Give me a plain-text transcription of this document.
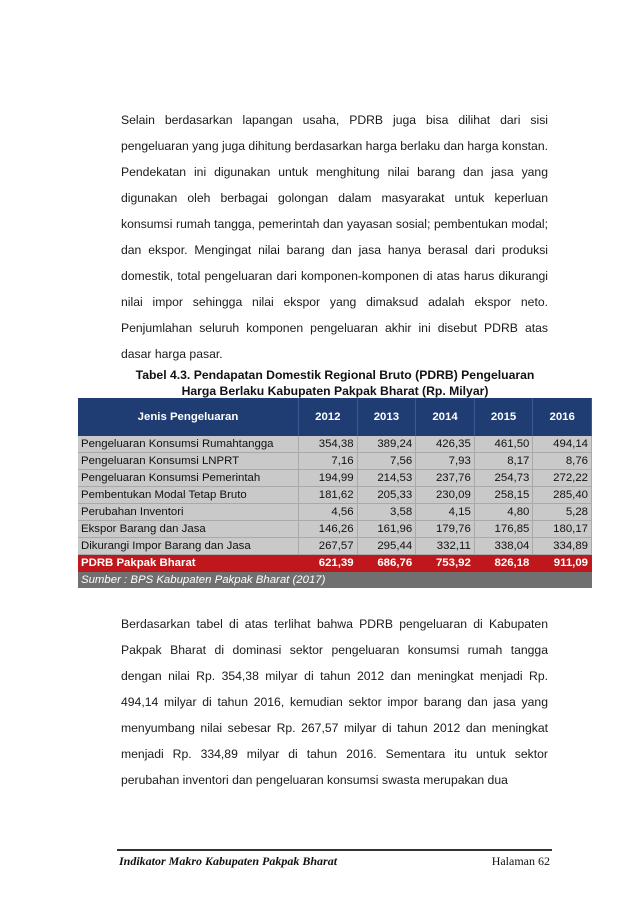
Selain berdasarkan lapangan usaha, PDRB juga bisa dilihat dari sisi pengeluaran yang juga dihitung berdasarkan harga berlaku dan harga konstan. Pendekatan ini digunakan untuk menghitung nilai barang dan jasa yang digunakan oleh berbagai golongan dalam masyarakat untuk keperluan konsumsi rumah tangga, pemerintah dan yayasan sosial; pembentukan modal; dan ekspor. Mengingat nilai barang dan jasa hanya berasal dari produksi domestik, total pengeluaran dari komponen-komponen di atas harus dikurangi nilai impor sehingga nilai ekspor yang dimaksud adalah ekspor neto. Penjumlahan seluruh komponen pengeluaran akhir ini disebut PDRB atas dasar harga pasar.
Tabel 4.3. Pendapatan Domestik Regional Bruto (PDRB) Pengeluaran
Harga Berlaku Kabupaten Pakpak Bharat (Rp. Milyar)
Jenis Pengeluaran	2012	2013	2014	2015	2016
Pengeluaran Konsumsi Rumahtangga	354,38	389,24	426,35	461,50	494,14
Pengeluaran Konsumsi LNPRT	7,16	7,56	7,93	8,17	8,76
Pengeluaran Konsumsi Pemerintah	194,99	214,53	237,76	254,73	272,22
Pembentukan Modal Tetap Bruto	181,62	205,33	230,09	258,15	285,40
Perubahan Inventori	4,56	3,58	4,15	4,80	5,28
Ekspor Barang dan Jasa	146,26	161,96	179,76	176,85	180,17
Dikurangi Impor Barang dan Jasa	267,57	295,44	332,11	338,04	334,89
PDRB Pakpak Bharat	621,39	686,76	753,92	826,18	911,09
Sumber : BPS Kabupaten Pakpak Bharat (2017)					
Berdasarkan tabel di atas terlihat bahwa PDRB pengeluaran di Kabupaten Pakpak Bharat di dominasi sektor pengeluaran konsumsi rumah tangga dengan nilai Rp. 354,38 milyar di tahun 2012 dan meningkat menjadi Rp. 494,14 milyar di tahun 2016, kemudian sektor impor barang dan jasa yang menyumbang nilai sebesar Rp. 267,57 milyar di tahun 2012 dan meningkat menjadi Rp. 334,89 milyar di tahun 2016. Sementara itu untuk sektor perubahan inventori dan pengeluaran konsumsi swasta merupakan dua
Indikator Makro Kabupaten Pakpak Bharat	Halaman 62
